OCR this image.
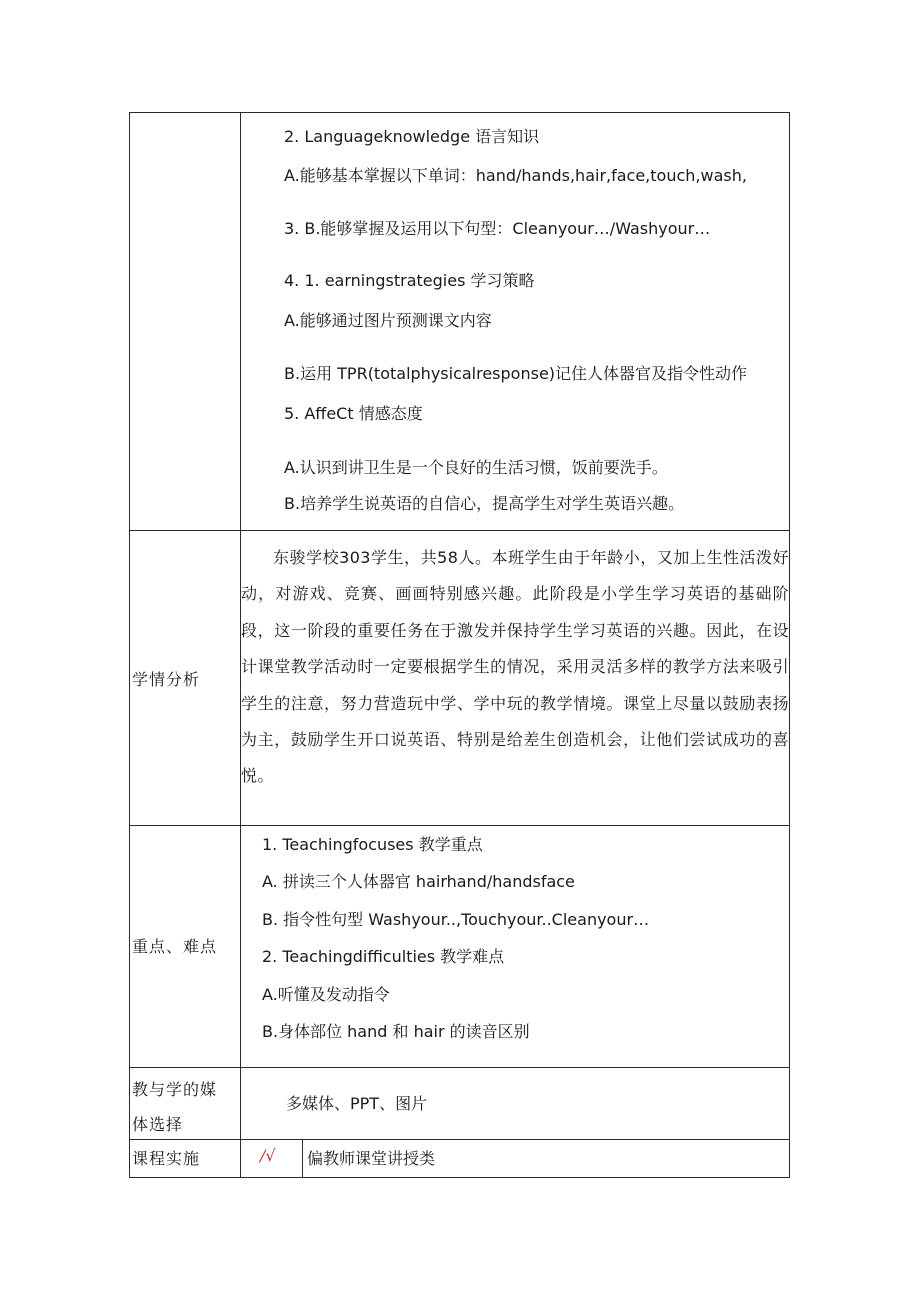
2. Languageknowledge 语言知识
A.能够基本掌握以下单词：hand/hands,hair,face,touch,wash,
3. B.能够掌握及运用以下句型：Cleanyour…/Washyour…
4. 1. earningstrategies 学习策略
A.能够通过图片预测课文内容
B.运用 TPR(totalphysicalresponse)记住人体器官及指令性动作
5. AffeCt 情感态度
A.认识到讲卫生是一个良好的生活习惯，饭前要洗手。
B.培养学生说英语的自信心，提高学生对学生英语兴趣。
学情分析
东骏学校303学生，共58人。本班学生由于年龄小，又加上生性活泼好动，对游戏、竞赛、画画特别感兴趣。此阶段是小学生学习英语的基础阶段，这一阶段的重要任务在于激发并保持学生学习英语的兴趣。因此，在设计课堂教学活动时一定要根据学生的情况，采用灵活多样的教学方法来吸引学生的注意，努力营造玩中学、学中玩的教学情境。课堂上尽量以鼓励表扬为主，鼓励学生开口说英语、特别是给差生创造机会，让他们尝试成功的喜悦。
重点、难点
1. Teachingfocuses 教学重点
A. 拼读三个人体器官 hairhand/handsface
B. 指令性句型 Washyour..,Touchyour..Cleanyour…
2. Teachingdifficulties 教学难点
A.听懂及发动指令
B.身体部位 hand 和 hair 的读音区别
教与学的媒
体选择
多媒体、PPT、图片
课程实施	/√ 偏教师课堂讲授类
